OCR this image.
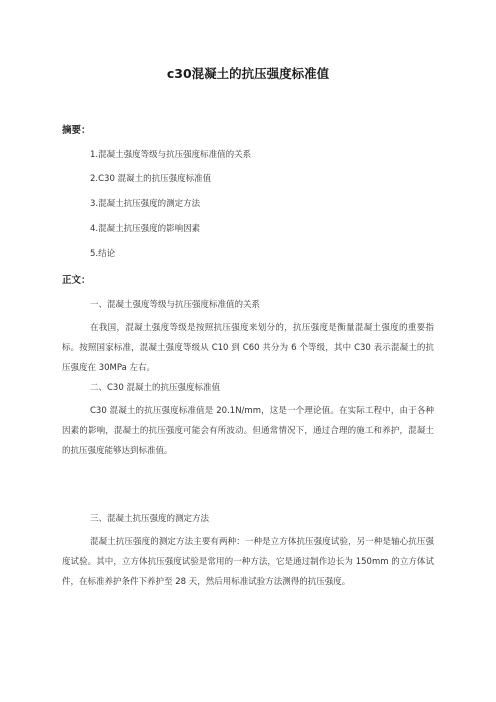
c30混凝土的抗压强度标准值
摘要：
1.混凝土强度等级与抗压强度标准值的关系
2.C30 混凝土的抗压强度标准值
3.混凝土抗压强度的测定方法
4.混凝土抗压强度的影响因素
5.结论
正文：
一、混凝土强度等级与抗压强度标准值的关系

在我国，混凝土强度等级是按照抗压强度来划分的，抗压强度是衡量混凝土强度的重要指标。按照国家标准，混凝土强度等级从 C10 到 C60 共分为 6 个等级，其中 C30 表示混凝土的抗压强度在 30MPa 左右。

二、C30 混凝土的抗压强度标准值

C30 混凝土的抗压强度标准值是 20.1N/mm，这是一个理论值。在实际工程中，由于各种因素的影响，混凝土的抗压强度可能会有所波动。但通常情况下，通过合理的施工和养护，混凝土的抗压强度能够达到标准值。

三、混凝土抗压强度的测定方法

混凝土抗压强度的测定方法主要有两种：一种是立方体抗压强度试验，另一种是轴心抗压强度试验。其中，立方体抗压强度试验是常用的一种方法，它是通过制作边长为 150mm 的立方体试件，在标准养护条件下养护至 28 天，然后用标准试验方法测得的抗压强度。
